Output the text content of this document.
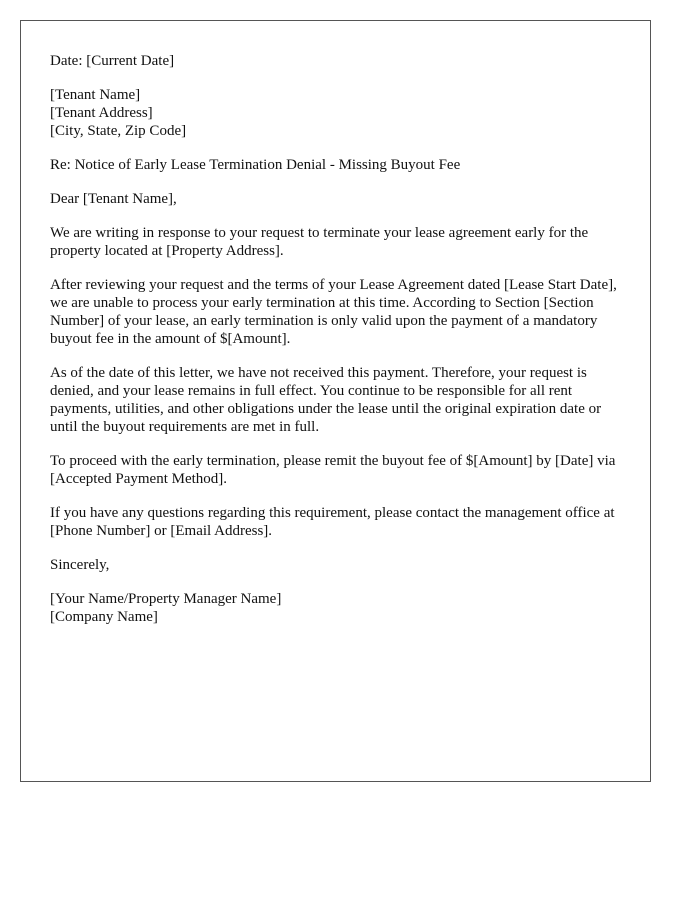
Date: [Current Date]

[Tenant Name]
[Tenant Address]
[City, State, Zip Code]

Re: Notice of Early Lease Termination Denial - Missing Buyout Fee

Dear [Tenant Name],

We are writing in response to your request to terminate your lease agreement early for the property located at [Property Address].

After reviewing your request and the terms of your Lease Agreement dated [Lease Start Date], we are unable to process your early termination at this time. According to Section [Section Number] of your lease, an early termination is only valid upon the payment of a mandatory buyout fee in the amount of $[Amount].

As of the date of this letter, we have not received this payment. Therefore, your request is denied, and your lease remains in full effect. You continue to be responsible for all rent payments, utilities, and other obligations under the lease until the original expiration date or until the buyout requirements are met in full.

To proceed with the early termination, please remit the buyout fee of $[Amount] by [Date] via [Accepted Payment Method].

If you have any questions regarding this requirement, please contact the management office at [Phone Number] or [Email Address].

Sincerely,

[Your Name/Property Manager Name]
[Company Name]
